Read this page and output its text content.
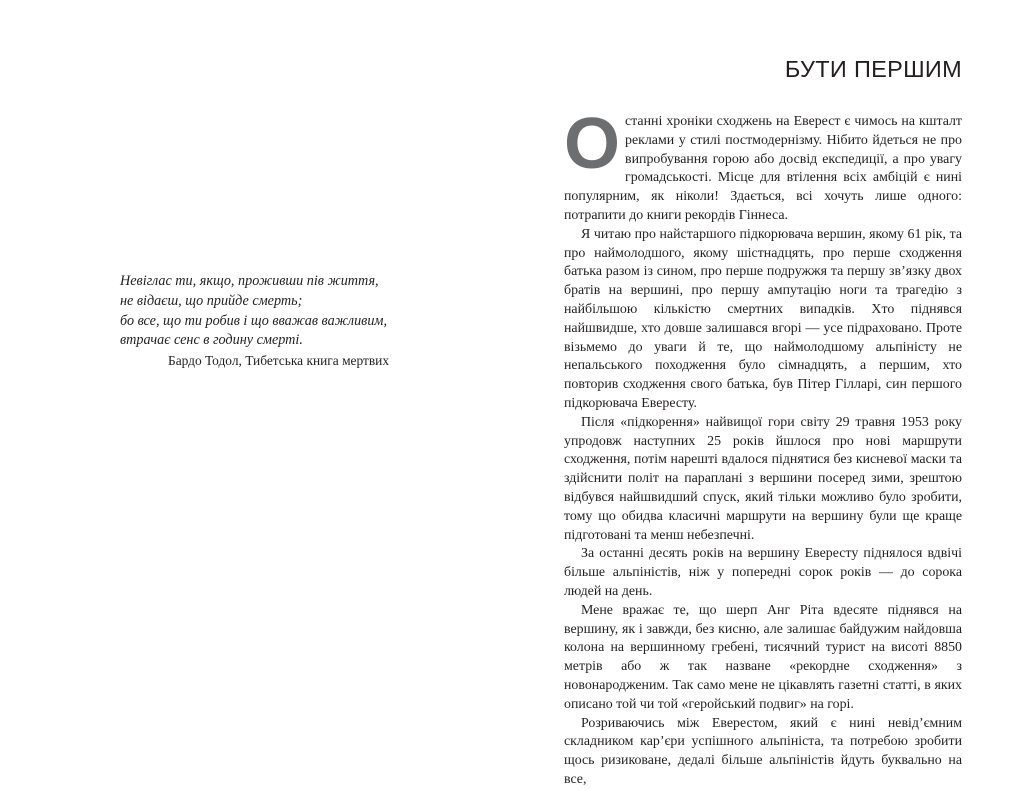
Невіглас ти, якщо, проживши пів життя,
не відаєш, що прийде смерть;
бо все, що ти робив і що вважав важливим,
втрачає сенс в годину смерті.
Бардо Тодол, Тибетська книга мертвих
БУТИ ПЕРШИМ

Останні хроніки сходжень на Еверест є чимось на кшталт реклами у стилі постмодернізму. Нібито йдеться не про випробування горою або досвід експедиції, а про увагу громадськості. Місце для втілення всіх амбіцій є нині популярним, як ніколи! Здається, всі хочуть лише одного: потрапити до книги рекордів Гіннеса.

Я читаю про найстаршого підкорювача вершин, якому 61 рік, та про наймолодшого, якому шістнадцять, про перше сходження батька разом із сином, про перше подружжя та першу зв’язку двох братів на вершині, про першу ампутацію ноги та трагедію з найбільшою кількістю смертних випадків. Хто піднявся найшвидше, хто довше залишався вгорі — усе підраховано. Проте візьмемо до уваги й те, що наймолодшому альпіністу не непальського походження було сімнадцять, а першим, хто повторив сходження свого батька, був Пітер Гілларі, син першого підкорювача Евересту.

Після «підкорення» найвищої гори світу 29 травня 1953 року упродовж наступних 25 років йшлося про нові маршрути сходження, потім нарешті вдалося піднятися без кисневої маски та здійснити політ на параплані з вершини посеред зими, зрештою відбувся найшвидший спуск, який тільки можливо було зробити, тому що обидва класичні маршрути на вершину були ще краще підготовані та менш небезпечні.

За останні десять років на вершину Евересту піднялося вдвічі більше альпіністів, ніж у попередні сорок років — до сорока людей на день.

Мене вражає те, що шерп Анг Ріта вдесяте піднявся на вершину, як і завжди, без кисню, але залишає байдужим найдовша колона на вершинному гребені, тисячний турист на висоті 8850 метрів або ж так назване «рекордне сходження» з новонародженим. Так само мене не цікавлять газетні статті, в яких описано той чи той «геройський подвиг» на горі.

Розриваючись між Еверестом, який є нині невід’ємним складником кар’єри успішного альпініста, та потребою зробити щось ризиковане, дедалі більше альпіністів йдуть буквально на все,
